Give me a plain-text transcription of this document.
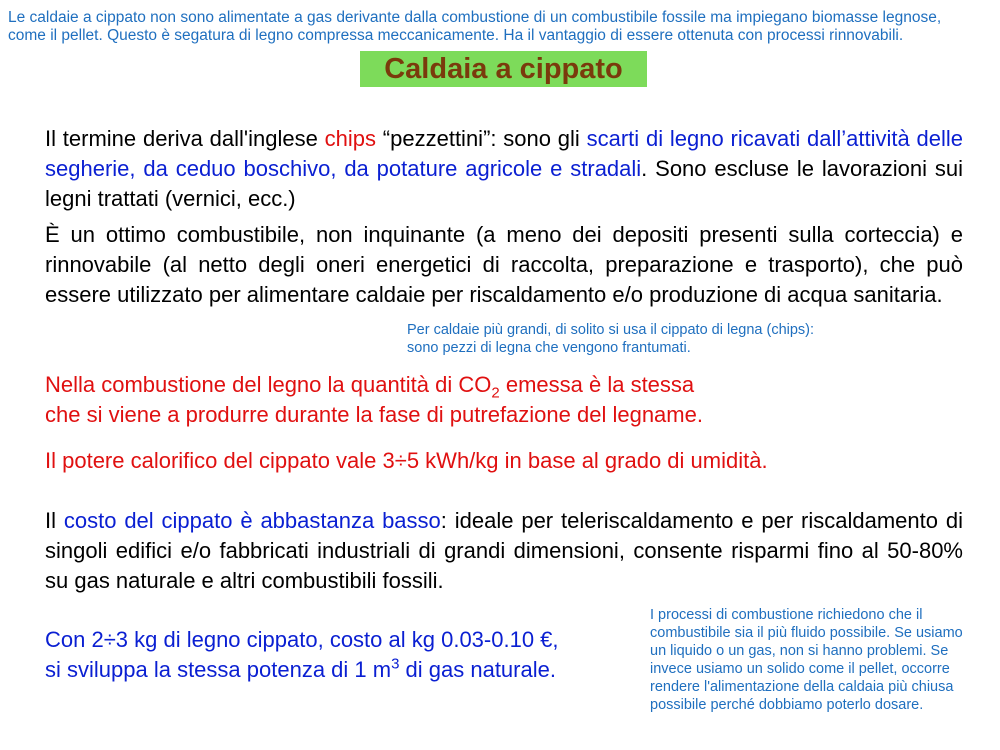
Le caldaie a cippato non sono alimentate a gas derivante dalla combustione di un combustibile fossile ma impiegano biomasse legnose, come il pellet. Questo è segatura di legno compressa meccanicamente. Ha il vantaggio di essere ottenuta con processi rinnovabili.
Caldaia a cippato
Il termine deriva dall'inglese chips “pezzettini”: sono gli scarti di legno ricavati dall’attività delle segherie, da ceduo boschivo, da potature agricole e stradali. Sono escluse le lavorazioni sui legni trattati (vernici, ecc.)
È un ottimo combustibile, non inquinante (a meno dei depositi presenti sulla corteccia) e rinnovabile (al netto degli oneri energetici di raccolta, preparazione e trasporto), che può essere utilizzato per alimentare caldaie per riscaldamento e/o produzione di acqua sanitaria.
Per caldaie più grandi, di solito si usa il cippato di legna (chips): sono pezzi di legna che vengono frantumati.
Nella combustione del legno la quantità di $CO_2$ emessa è la stessa
che si viene a produrre durante la fase di putrefazione del legname.
Il potere calorifico del cippato vale 3÷5 kWh/kg in base al grado di umidità.
Il costo del cippato è abbastanza basso: ideale per teleriscaldamento e per riscaldamento di singoli edifici e/o fabbricati industriali di grandi dimensioni, consente risparmi fino al 50-80% su gas naturale e altri combustibili fossili.
Con 2÷3 kg di legno cippato, costo al kg 0.03-0.10 €,
si sviluppa la stessa potenza di 1 $m^3$ di gas naturale.
I processi di combustione richiedono che il combustibile sia il più fluido possibile. Se usiamo un liquido o un gas, non si hanno problemi. Se invece usiamo un solido come il pellet, occorre rendere l'alimentazione della caldaia più chiusa possibile perché dobbiamo poterlo dosare.
